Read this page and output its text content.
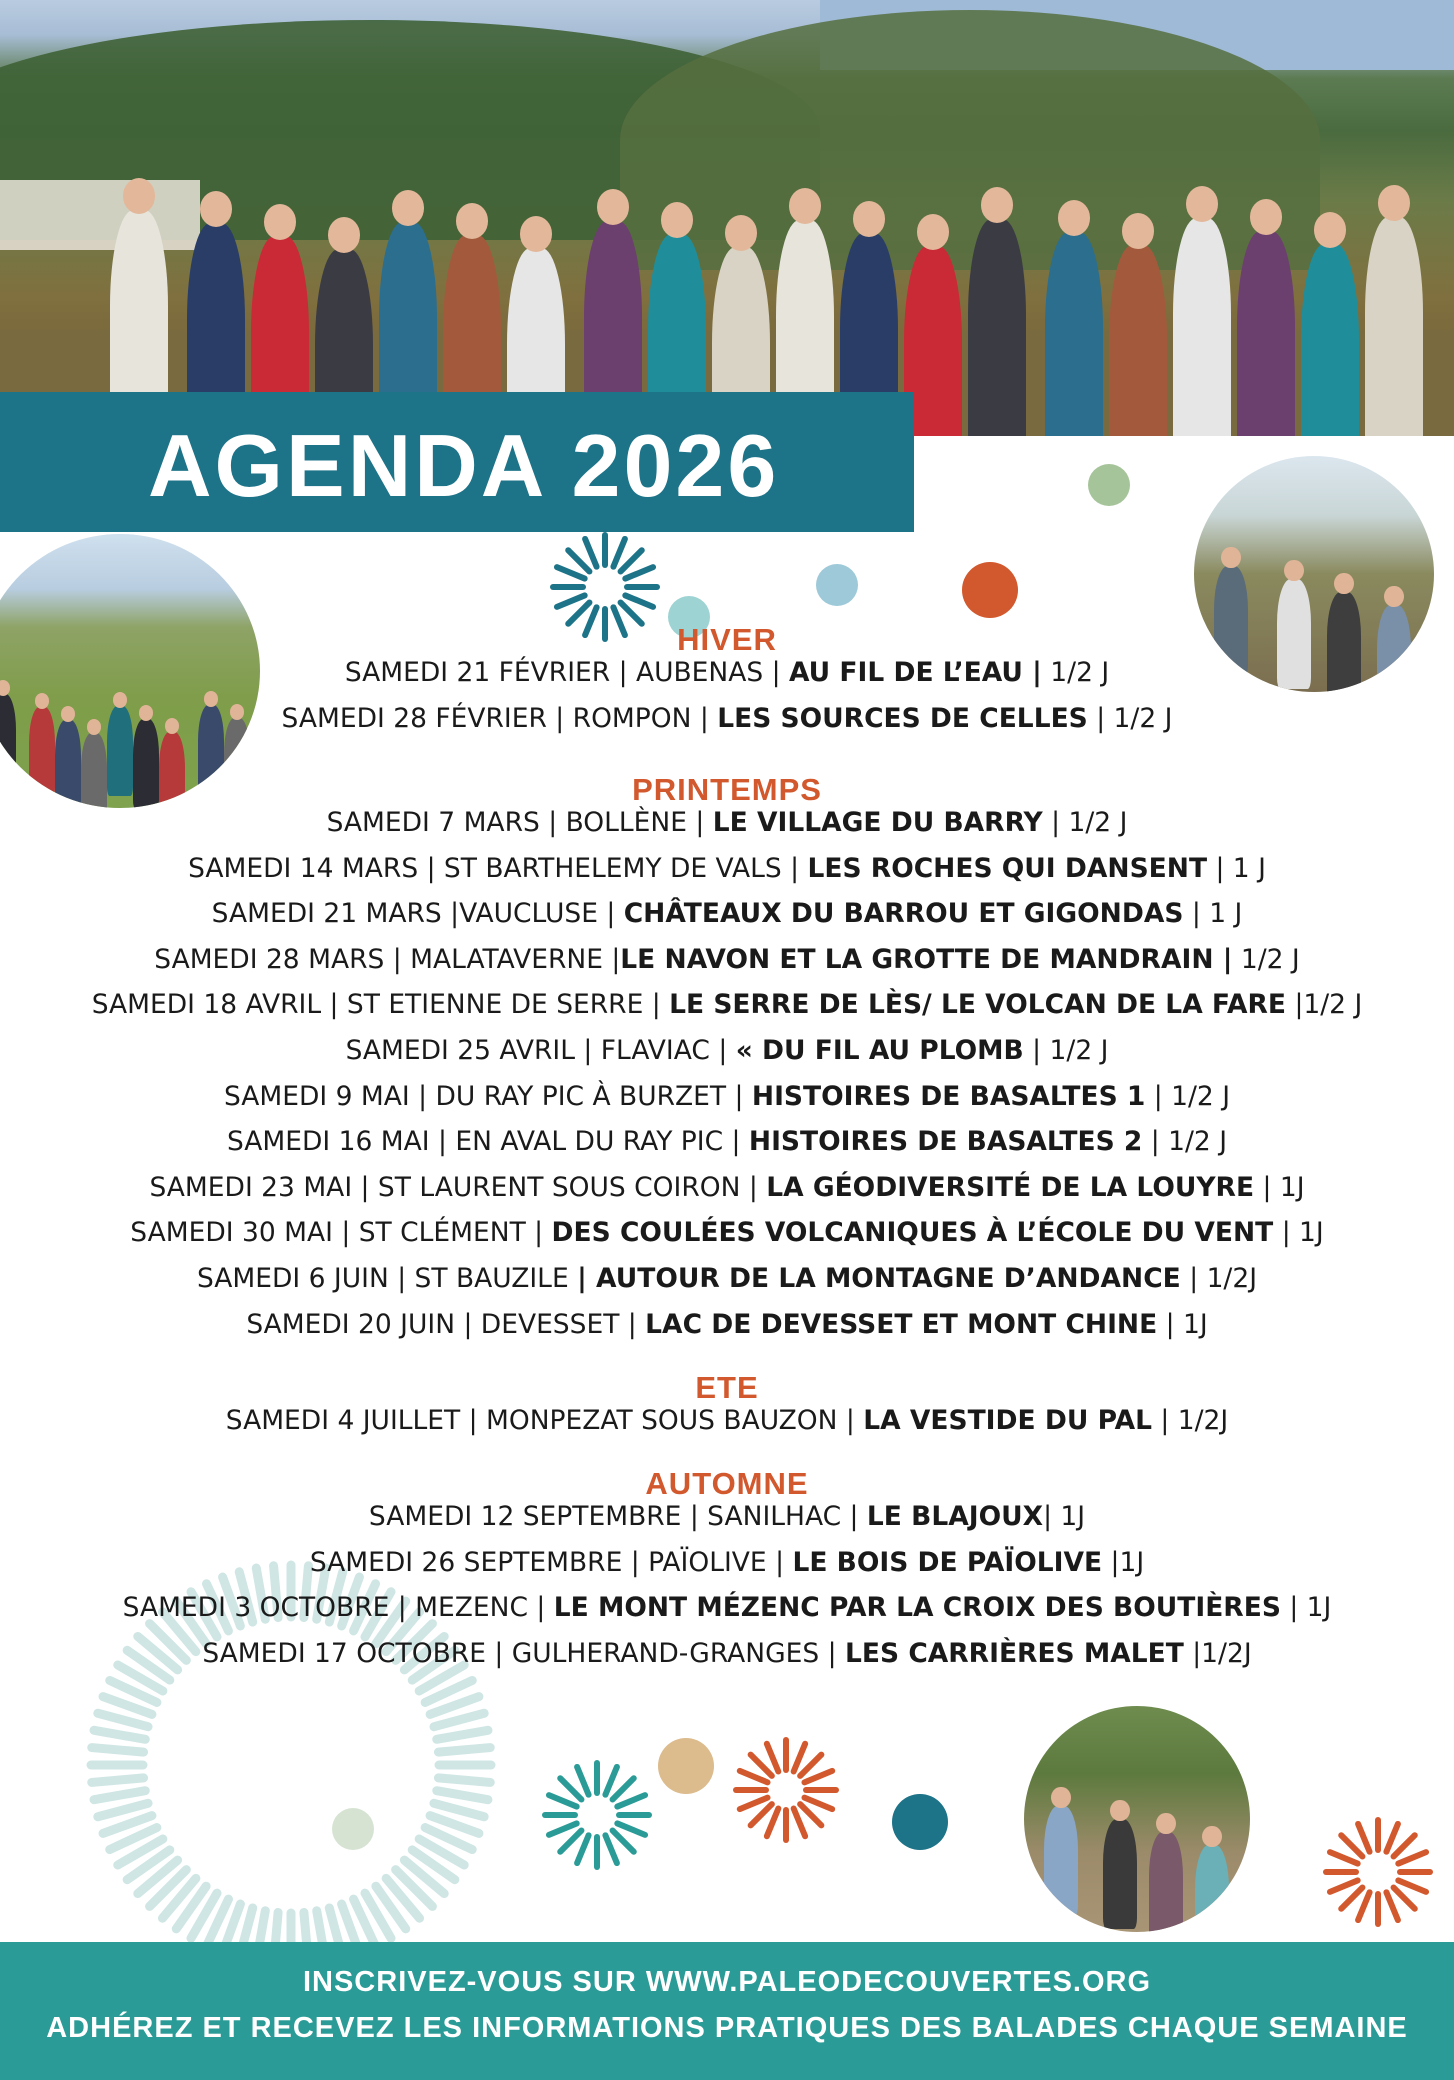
AGENDA 2026
HIVER
SAMEDI 21 FÉVRIER | AUBENAS | AU FIL DE L’EAU | 1/2 J
SAMEDI 28 FÉVRIER | ROMPON | LES SOURCES DE CELLES | 1/2 J
PRINTEMPS
SAMEDI 7 MARS | BOLLÈNE | LE VILLAGE DU BARRY | 1/2 J
SAMEDI 14 MARS | ST BARTHELEMY DE VALS | LES ROCHES QUI DANSENT | 1 J
SAMEDI 21 MARS |VAUCLUSE | CHÂTEAUX DU BARROU ET GIGONDAS | 1 J
SAMEDI 28 MARS | MALATAVERNE |LE NAVON ET LA GROTTE DE MANDRAIN | 1/2 J
SAMEDI 18 AVRIL | ST ETIENNE DE SERRE | LE SERRE DE LÈS/ LE VOLCAN DE LA FARE |1/2 J
SAMEDI 25 AVRIL | FLAVIAC | « DU FIL AU PLOMB | 1/2 J
SAMEDI 9 MAI | DU RAY PIC À BURZET | HISTOIRES DE BASALTES 1 | 1/2 J
SAMEDI 16 MAI | EN AVAL DU RAY PIC | HISTOIRES DE BASALTES 2 | 1/2 J
SAMEDI 23 MAI | ST LAURENT SOUS COIRON | LA GÉODIVERSITÉ DE LA LOUYRE | 1J
SAMEDI 30 MAI | ST CLÉMENT | DES COULÉES VOLCANIQUES À L’ÉCOLE DU VENT | 1J
SAMEDI 6 JUIN | ST BAUZILE | AUTOUR DE LA MONTAGNE D’ANDANCE | 1/2J
SAMEDI 20 JUIN | DEVESSET | LAC DE DEVESSET ET MONT CHINE | 1J
ETE
SAMEDI 4 JUILLET | MONPEZAT SOUS BAUZON | LA VESTIDE DU PAL | 1/2J
AUTOMNE
SAMEDI 12 SEPTEMBRE | SANILHAC | LE BLAJOUX| 1J
SAMEDI 26 SEPTEMBRE | PAÏOLIVE | LE BOIS DE PAÏOLIVE |1J
SAMEDI 3 OCTOBRE | MEZENC | LE MONT MÉZENC PAR LA CROIX DES BOUTIÈRES | 1J
SAMEDI 17 OCTOBRE | GULHERAND-GRANGES | LES CARRIÈRES MALET |1/2J
INSCRIVEZ-VOUS SUR WWW.PALEODECOUVERTES.ORG
ADHÉREZ ET RECEVEZ LES INFORMATIONS PRATIQUES DES BALADES CHAQUE SEMAINE
